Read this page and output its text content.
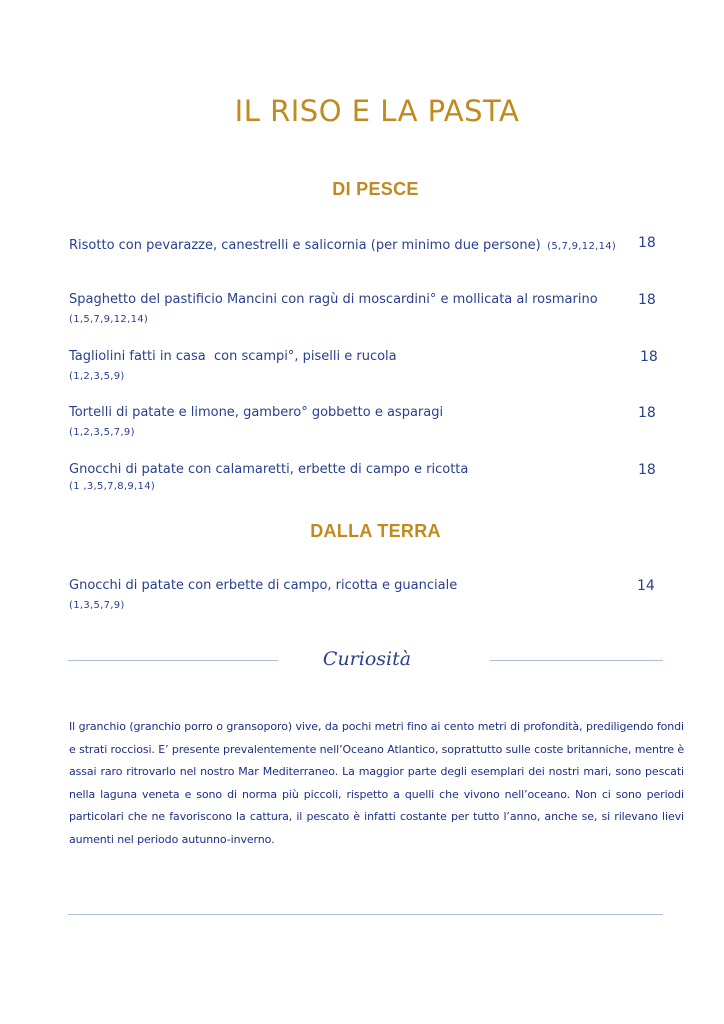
IL RISO E LA PASTA
DI PESCE
Risotto con pevarazze, canestrelli e salicornia (per minimo due persone) (5,7,9,12,14)	18
Spaghetto del pastificio Mancini con ragù di moscardini° e mollicata al rosmarino
(1,5,7,9,12,14)
18
Tagliolini fatti in casa  con scampi°, piselli e rucola
(1,2,3,5,9)
18
Tortelli di patate e limone, gambero° gobbetto e asparagi
(1,2,3,5,7,9)
18
Gnocchi di patate con calamaretti, erbette di campo e ricotta
(1 ,3,5,7,8,9,14)
18
DALLA TERRA
Gnocchi di patate con erbette di campo, ricotta e guanciale
(1,3,5,7,9)
14
Curiosità
Il granchio (granchio porro o gransoporo) vive, da pochi metri fino ai cento metri di profondità, prediligendo fondi e strati rocciosi. E’ presente prevalentemente nell’Oceano Atlantico, soprattutto sulle coste britanniche, mentre è assai raro ritrovarlo nel nostro Mar Mediterraneo. La maggior parte degli esemplari dei nostri mari, sono pescati nella laguna veneta e sono di norma più piccoli, rispetto a quelli che vivono nell’oceano. Non ci sono periodi particolari che ne favoriscono la cattura, il pescato è infatti costante per tutto l’anno, anche se, si rilevano lievi aumenti nel periodo autunno-inverno.
